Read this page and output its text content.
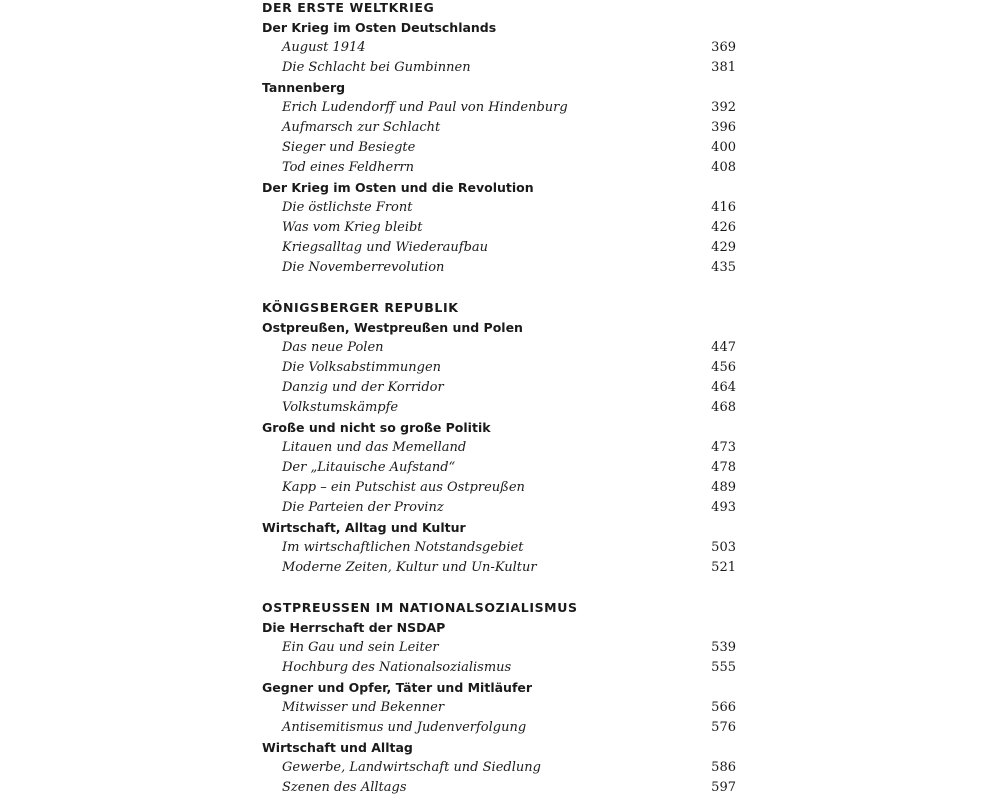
DER ERSTE WELTKRIEG
Der Krieg im Osten Deutschlands
August 1914	369
Die Schlacht bei Gumbinnen	381
Tannenberg
Erich Ludendorff und Paul von Hindenburg	392
Aufmarsch zur Schlacht	396
Sieger und Besiegte	400
Tod eines Feldherrn	408
Der Krieg im Osten und die Revolution
Die östlichste Front	416
Was vom Krieg bleibt	426
Kriegsalltag und Wiederaufbau	429
Die Novemberrevolution	435
KÖNIGSBERGER REPUBLIK
Ostpreußen, Westpreußen und Polen
Das neue Polen	447
Die Volksabstimmungen	456
Danzig und der Korridor	464
Volkstumskämpfe	468
Große und nicht so große Politik
Litauen und das Memelland	473
Der „Litauische Aufstand“	478
Kapp – ein Putschist aus Ostpreußen	489
Die Parteien der Provinz	493
Wirtschaft, Alltag und Kultur
Im wirtschaftlichen Notstandsgebiet	503
Moderne Zeiten, Kultur und Un-Kultur	521
OSTPREUSSEN IM NATIONALSOZIALISMUS
Die Herrschaft der NSDAP
Ein Gau und sein Leiter	539
Hochburg des Nationalsozialismus	555
Gegner und Opfer, Täter und Mitläufer
Mitwisser und Bekenner	566
Antisemitismus und Judenverfolgung	576
Wirtschaft und Alltag
Gewerbe, Landwirtschaft und Siedlung	586
Szenen des Alltags	597
